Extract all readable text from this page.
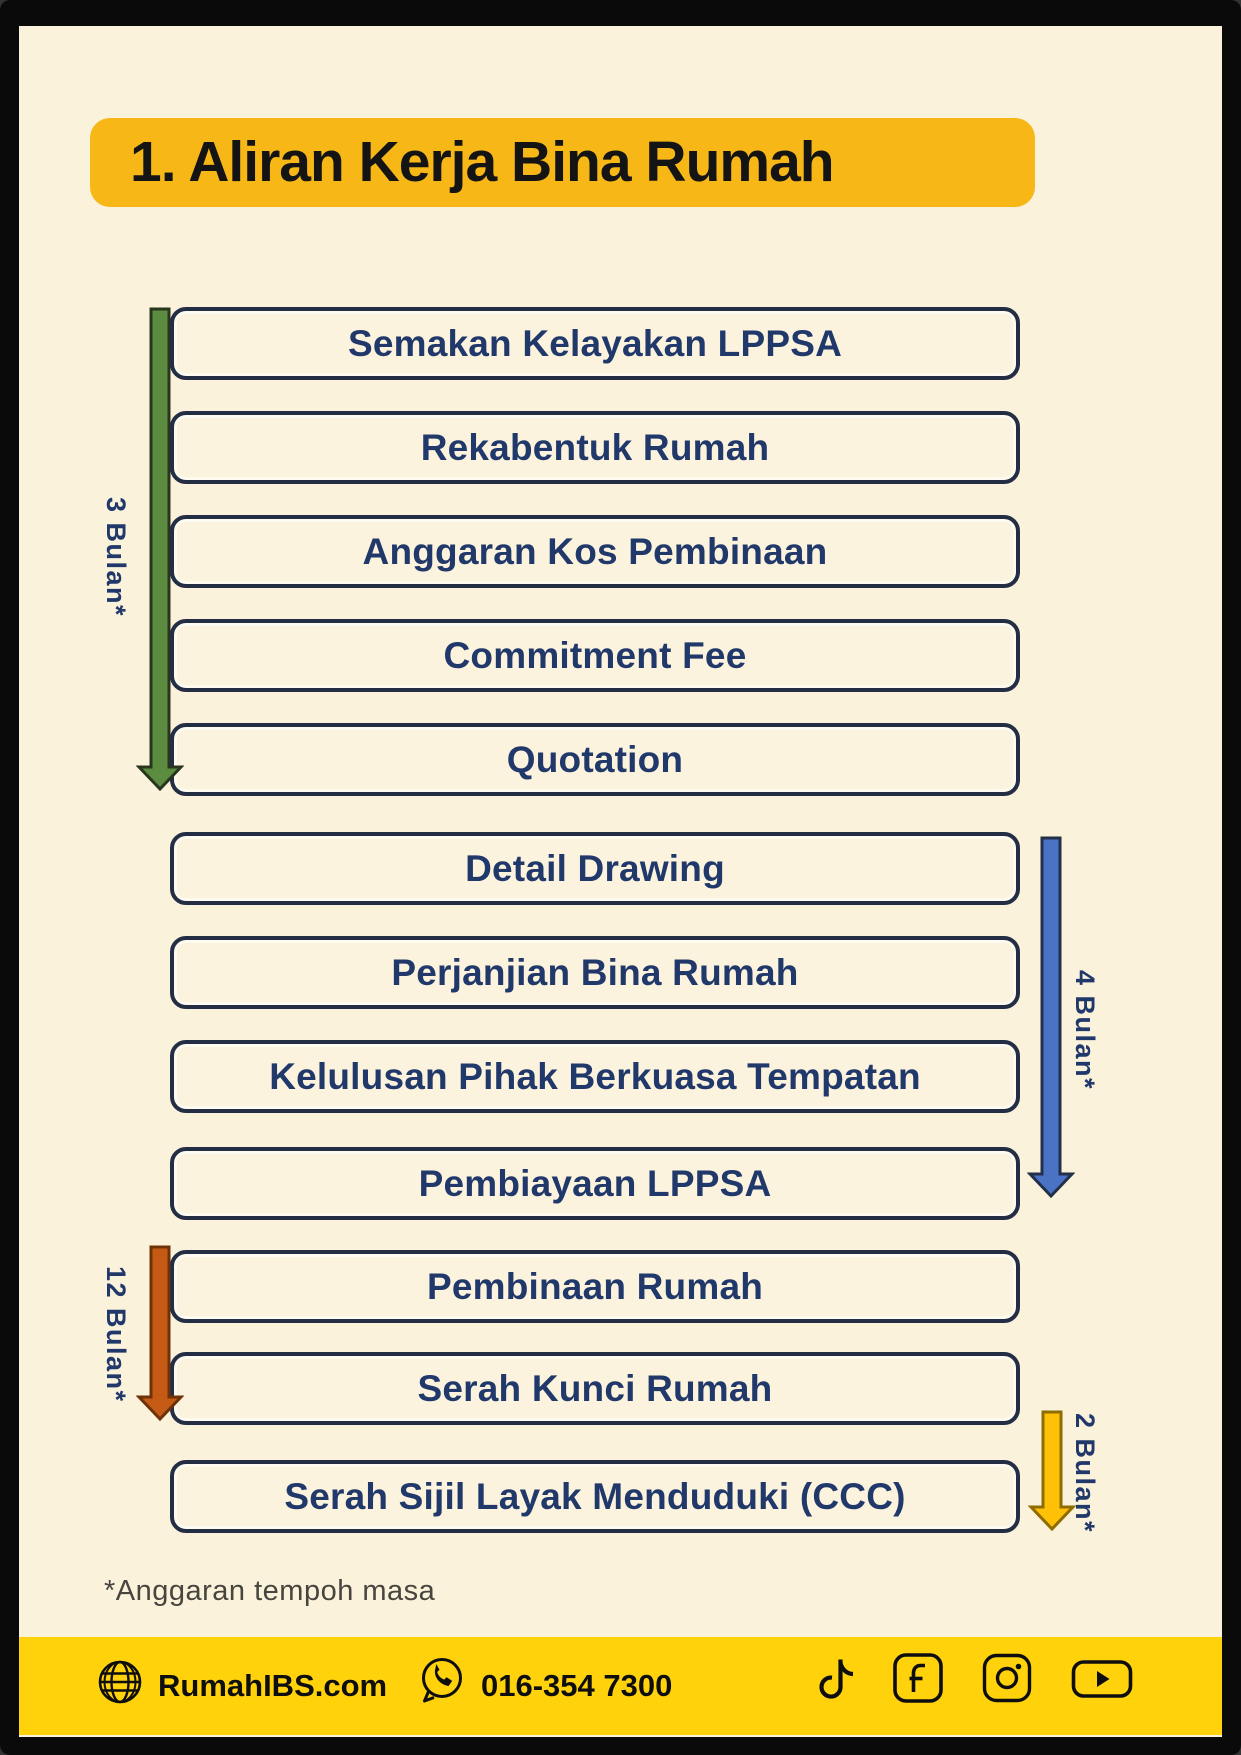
1. Aliran Kerja Bina Rumah
Semakan Kelayakan LPPSA
Rekabentuk Rumah
Anggaran Kos Pembinaan
Commitment Fee
Quotation
Detail Drawing
Perjanjian Bina Rumah
Kelulusan Pihak Berkuasa Tempatan
Pembiayaan LPPSA
Pembinaan Rumah
Serah Kunci Rumah
Serah Sijil Layak Menduduki (CCC)
3 Bulan*
4 Bulan*
12 Bulan*
2 Bulan*
*Anggaran tempoh masa
RumahIBS.com	016-354 7300
